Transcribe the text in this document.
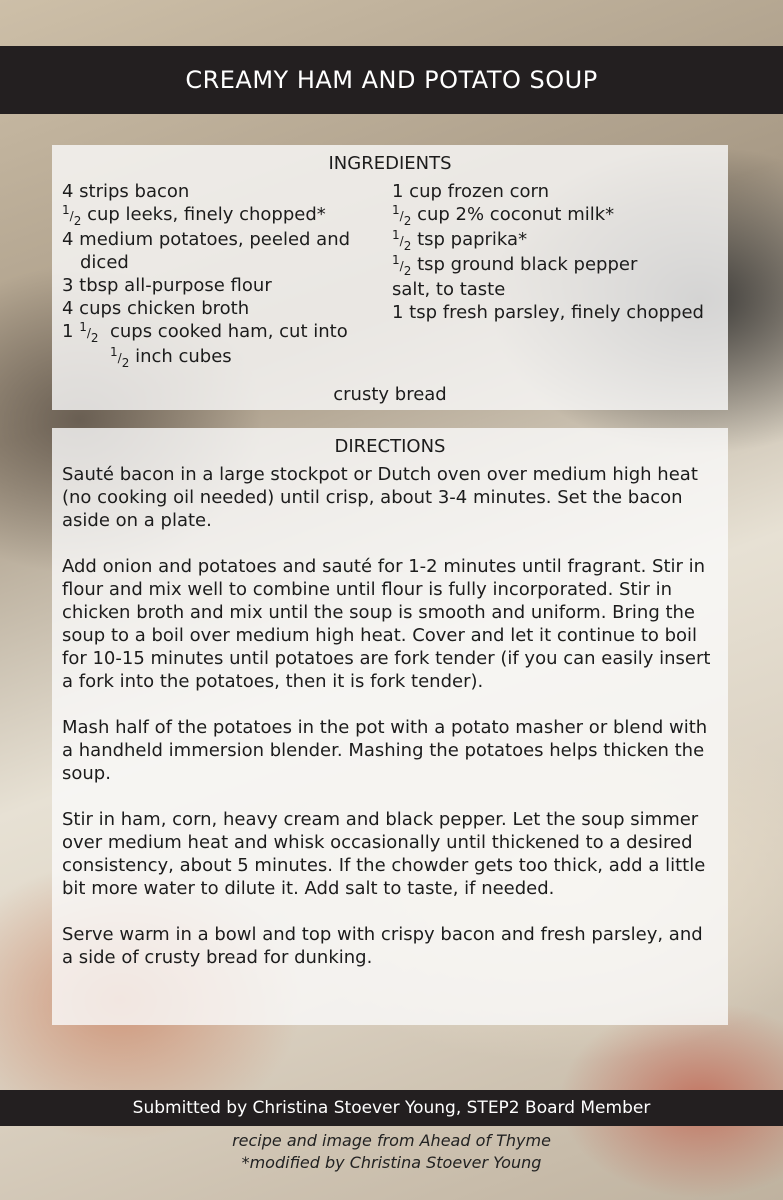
CREAMY HAM AND POTATO SOUP
INGREDIENTS
4 strips bacon
1/2 cup leeks, finely chopped*
4 medium potatoes, peeled and
diced
3 tbsp all-purpose flour
4 cups chicken broth
1 1/2 cups cooked ham, cut into
1/2 inch cubes
1 cup frozen corn
1/2 cup 2% coconut milk*
1/2 tsp paprika*
1/2 tsp ground black pepper
salt, to taste
1 tsp fresh parsley, finely chopped
crusty bread
DIRECTIONS

Sauté bacon in a large stockpot or Dutch oven over medium high heat (no cooking oil needed) until crisp, about 3-4 minutes. Set the bacon aside on a plate.

Add onion and potatoes and sauté for 1-2 minutes until fragrant. Stir in flour and mix well to combine until flour is fully incorporated. Stir in chicken broth and mix until the soup is smooth and uniform. Bring the soup to a boil over medium high heat. Cover and let it continue to boil for 10-15 minutes until potatoes are fork tender (if you can easily insert a fork into the potatoes, then it is fork tender).

Mash half of the potatoes in the pot with a potato masher or blend with a handheld immersion blender. Mashing the potatoes helps thicken the soup.

Stir in ham, corn, heavy cream and black pepper. Let the soup simmer over medium heat and whisk occasionally until thickened to a desired consistency, about 5 minutes. If the chowder gets too thick, add a little bit more water to dilute it. Add salt to taste, if needed.

Serve warm in a bowl and top with crispy bacon and fresh parsley, and a side of crusty bread for dunking.

Submitted by Christina Stoever Young, STEP2 Board Member
recipe and image from Ahead of Thyme
*modified by Christina Stoever Young
